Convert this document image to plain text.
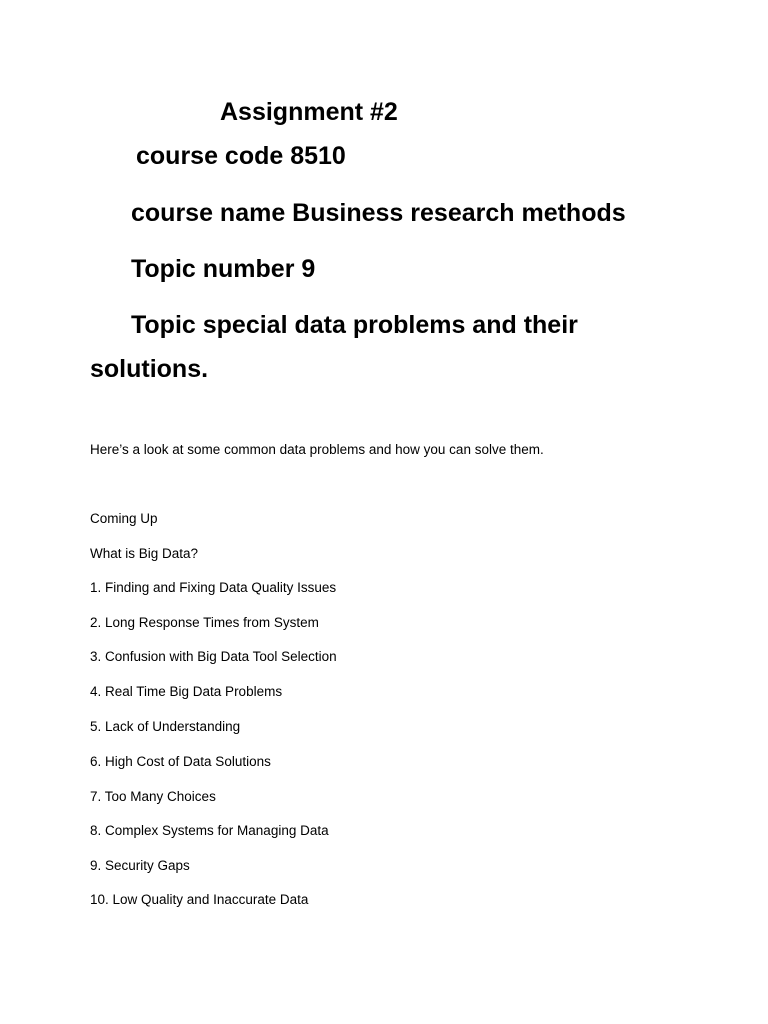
Assignment #2
course code 8510
course name Business research methods
Topic number 9
Topic special data problems and their
solutions.
Here’s a look at some common data problems and how you can solve them.
Coming Up
What is Big Data?
1. Finding and Fixing Data Quality Issues
2. Long Response Times from System
3. Confusion with Big Data Tool Selection
4. Real Time Big Data Problems
5. Lack of Understanding
6. High Cost of Data Solutions
7. Too Many Choices
8. Complex Systems for Managing Data
9. Security Gaps
10. Low Quality and Inaccurate Data
